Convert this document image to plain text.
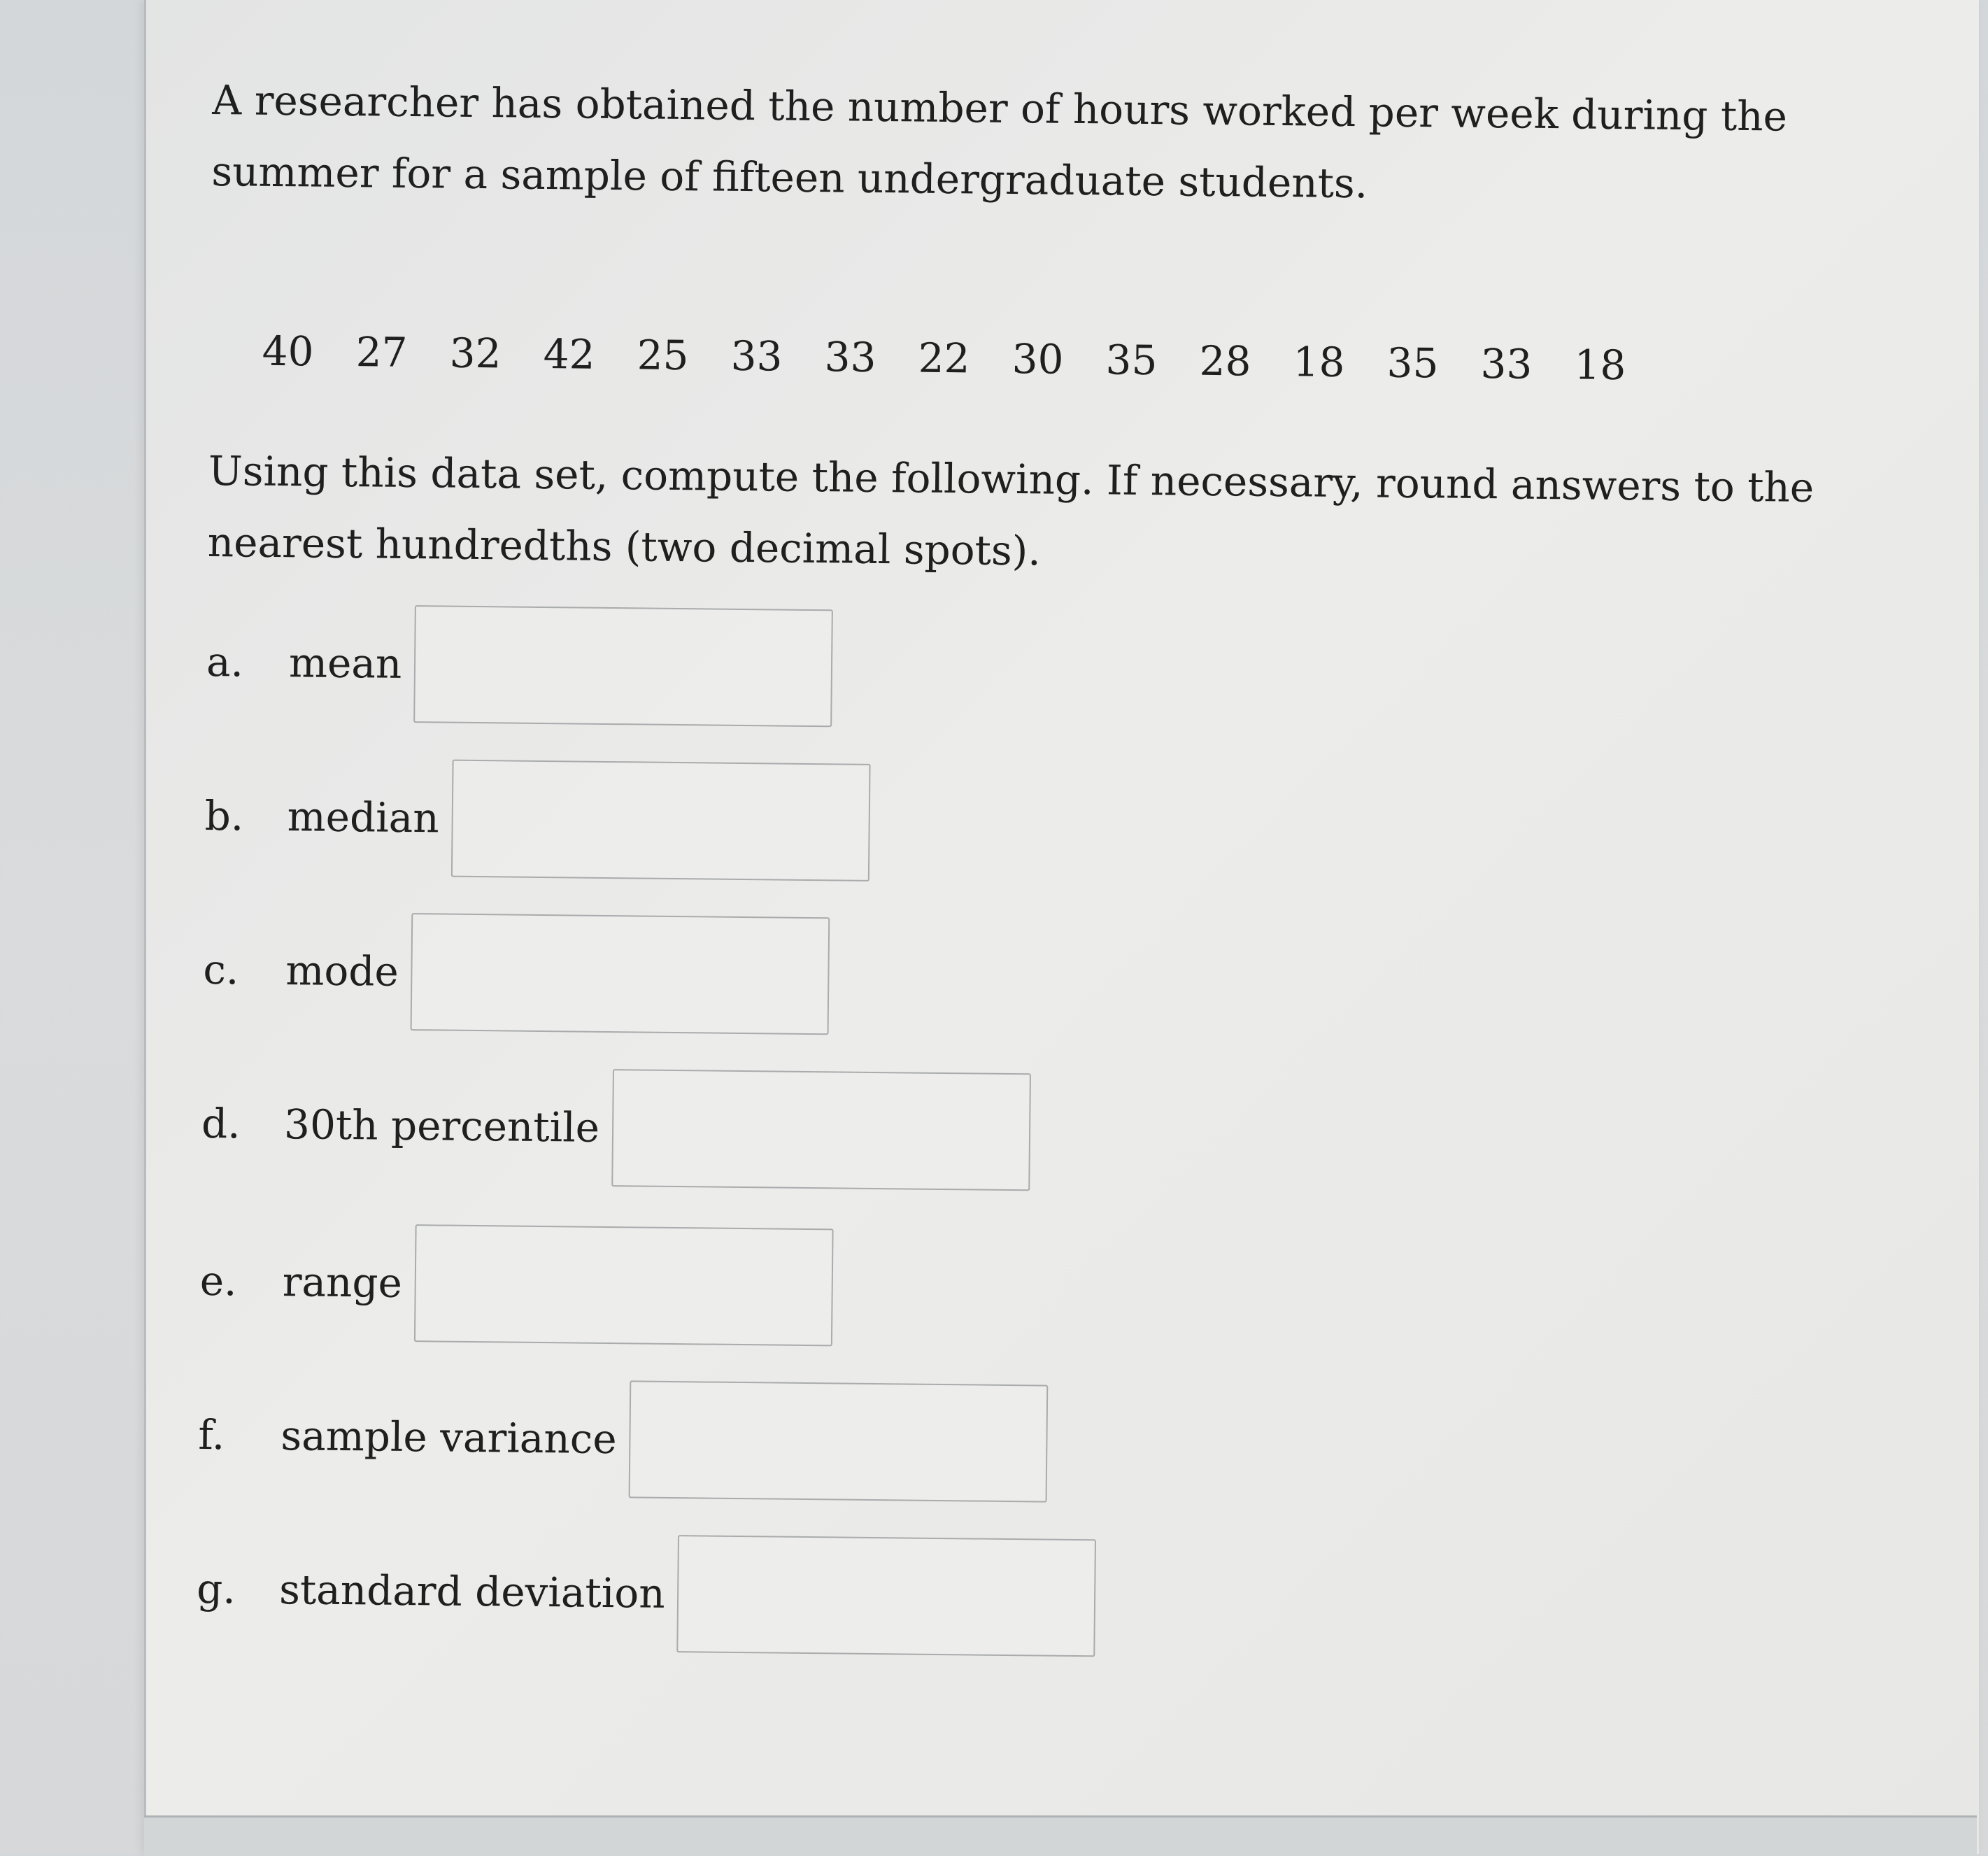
A researcher has obtained the number of hours worked per week during the summer for a sample of fifteen undergraduate students.

40	27	32	42	25	33	33	22	30	35	28	18	35	33	18

Using this data set, compute the following. If necessary, round answers to the nearest hundredths (two decimal spots).

a.	mean
b.	median
c.	mode
d.	30th percentile
e.	range
f.	sample variance
g.	standard deviation
